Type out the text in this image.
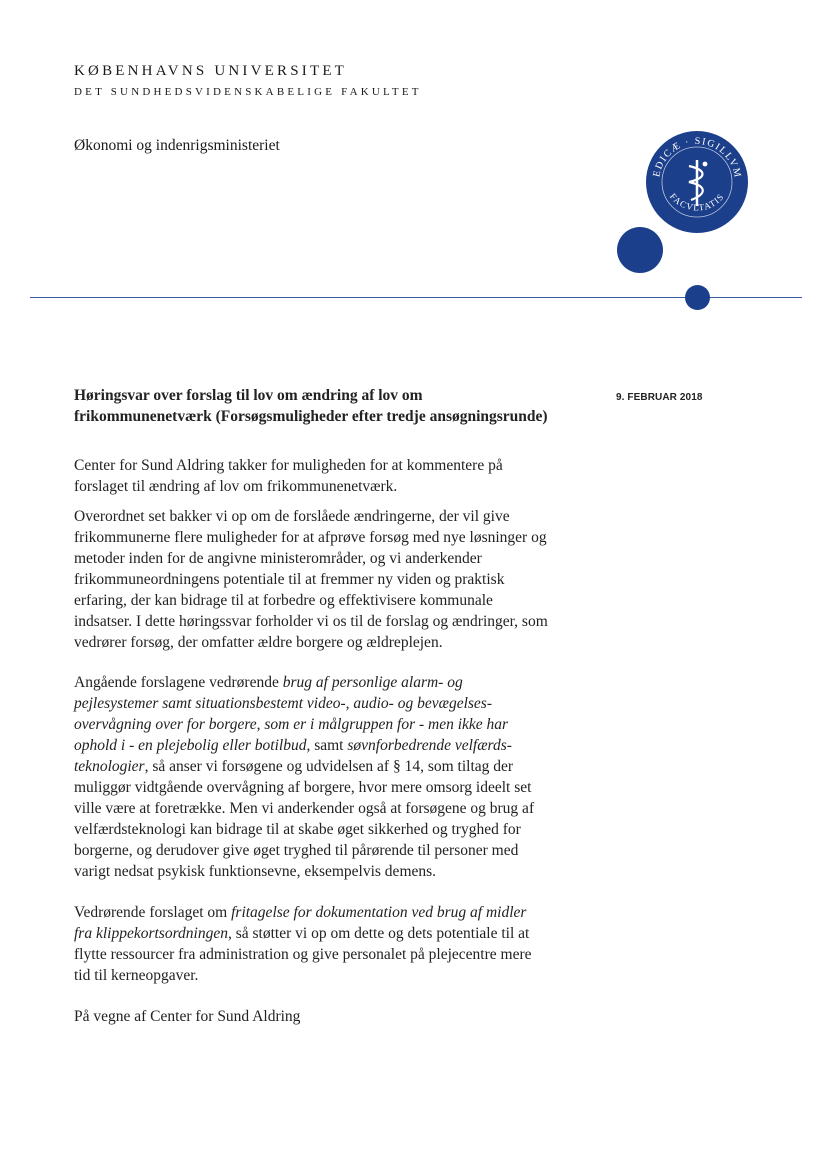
KØBENHAVNS UNIVERSITET
DET SUNDHEDSVIDENSKABELIGE FAKULTET
Økonomi og indenrigsministeriet
EDICÆ · SIGILLVM
FACVLTATIS
Høringsvar over forslag til lov om ændring af lov om
frikommunenetværk (Forsøgsmuligheder efter tredje ansøgningsrunde)
9. FEBRUAR 2018
Center for Sund Aldring takker for muligheden for at kommentere på
forslaget til ændring af lov om frikommunenetværk.
Overordnet set bakker vi op om de forslåede ændringerne, der vil give
frikommunerne flere muligheder for at afprøve forsøg med nye løsninger og
metoder inden for de angivne ministerområder, og vi anderkender
frikommuneordningens potentiale til at fremmer ny viden og praktisk
erfaring, der kan bidrage til at forbedre og effektivisere kommunale
indsatser. I dette høringssvar forholder vi os til de forslag og ændringer, som
vedrører forsøg, der omfatter ældre borgere og ældreplejen.
Angående forslagene vedrørende brug af personlige alarm- og
pejlesystemer samt situationsbestemt video-, audio- og bevægelses-
overvågning over for borgere, som er i målgruppen for - men ikke har
ophold i - en plejebolig eller botilbud, samt søvnforbedrende velfærds-
teknologier, så anser vi forsøgene og udvidelsen af § 14, som tiltag der
muliggør vidtgående overvågning af borgere, hvor mere omsorg ideelt set
ville være at foretrække. Men vi anderkender også at forsøgene og brug af
velfærdsteknologi kan bidrage til at skabe øget sikkerhed og tryghed for
borgerne, og derudover give øget tryghed til pårørende til personer med
varigt nedsat psykisk funktionsevne, eksempelvis demens.
Vedrørende forslaget om fritagelse for dokumentation ved brug af midler
fra klippekortsordningen, så støtter vi op om dette og dets potentiale til at
flytte ressourcer fra administration og give personalet på plejecentre mere
tid til kerneopgaver.
På vegne af Center for Sund Aldring
